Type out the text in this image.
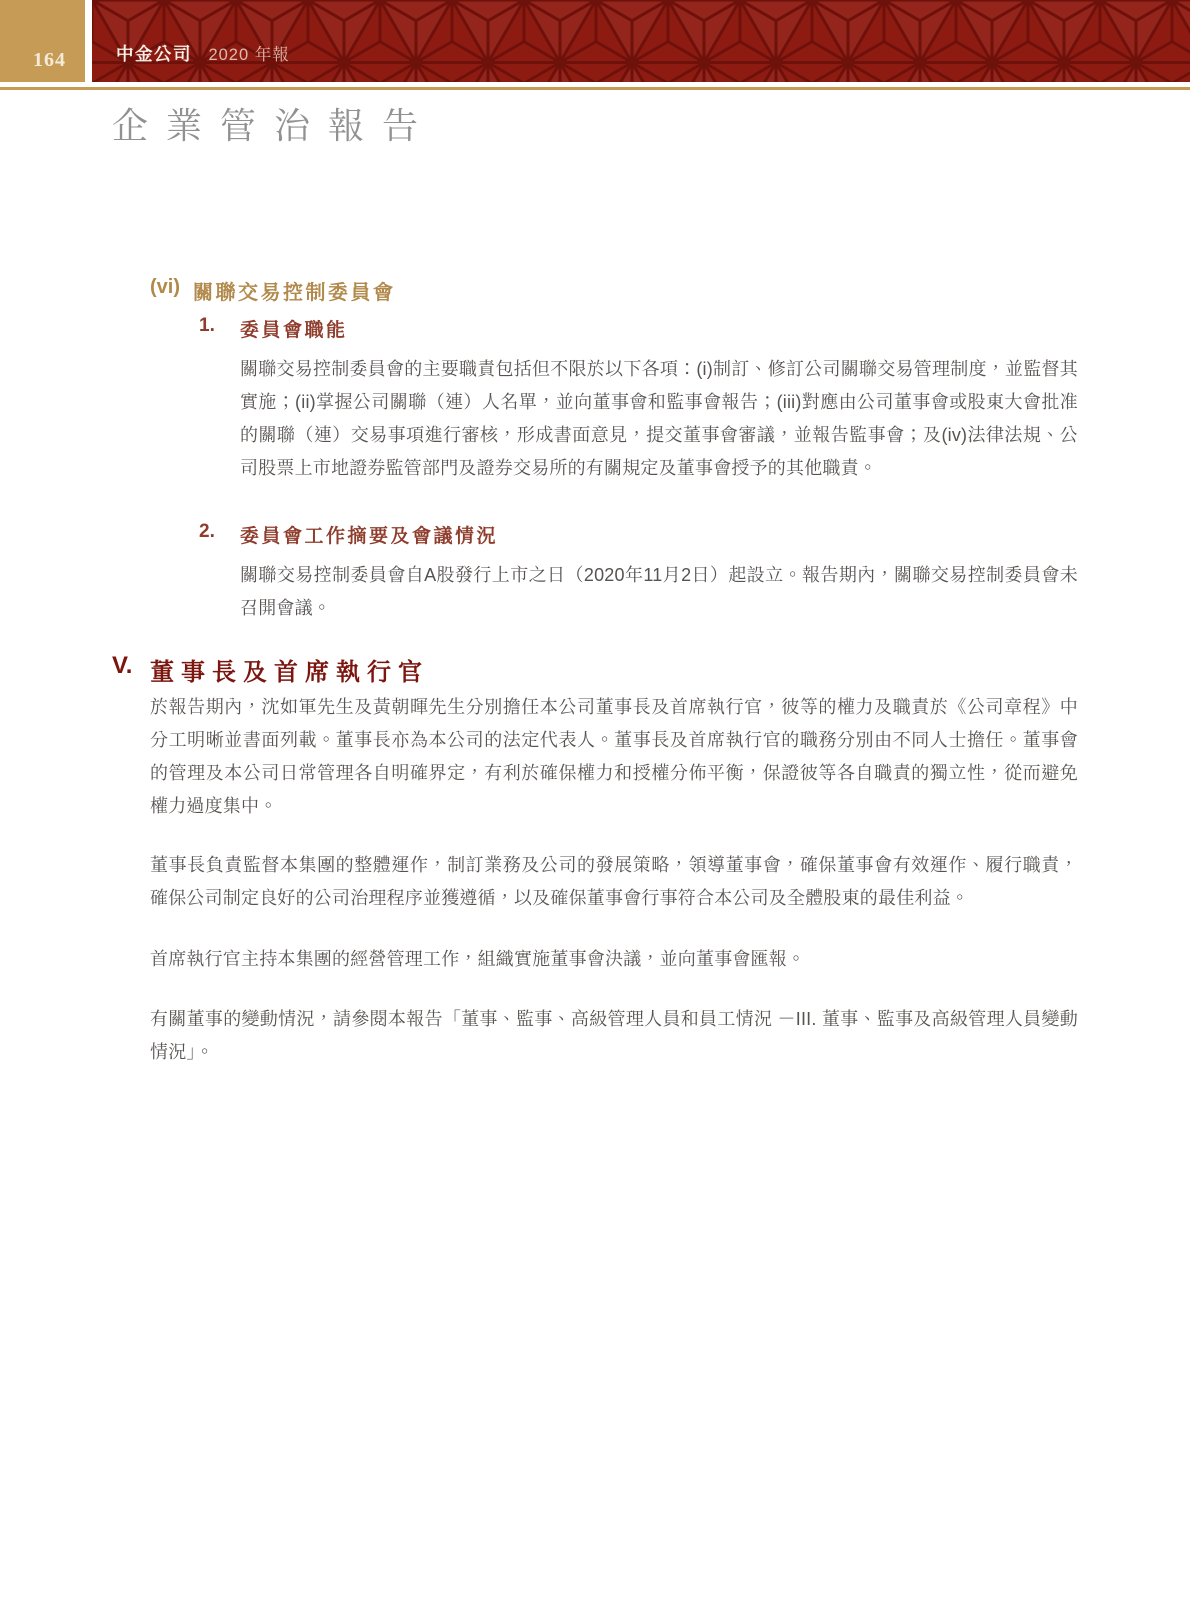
164	中金公司 2020 年報
企業管治報告
(vi) 關聯交易控制委員會
1.	委員會職能

關聯交易控制委員會的主要職責包括但不限於以下各項：(i)制訂、修訂公司關聯交易管理制度，並監督其實施；(ii)掌握公司關聯（連）人名單，並向董事會和監事會報告；(iii)對應由公司董事會或股東大會批准的關聯（連）交易事項進行審核，形成書面意見，提交董事會審議，並報告監事會；及(iv)法律法規、公司股票上市地證券監管部門及證券交易所的有關規定及董事會授予的其他職責。

2.	委員會工作摘要及會議情況

關聯交易控制委員會自A股發行上市之日（2020年11月2日）起設立。報告期內，關聯交易控制委員會未召開會議。

V. 董事長及首席執行官

於報告期內，沈如軍先生及黃朝暉先生分別擔任本公司董事長及首席執行官，彼等的權力及職責於《公司章程》中分工明晰並書面列載。董事長亦為本公司的法定代表人。董事長及首席執行官的職務分別由不同人士擔任。董事會的管理及本公司日常管理各自明確界定，有利於確保權力和授權分佈平衡，保證彼等各自職責的獨立性，從而避免權力過度集中。

董事長負責監督本集團的整體運作，制訂業務及公司的發展策略，領導董事會，確保董事會有效運作、履行職責，確保公司制定良好的公司治理程序並獲遵循，以及確保董事會行事符合本公司及全體股東的最佳利益。

首席執行官主持本集團的經營管理工作，組織實施董事會決議，並向董事會匯報。

有關董事的變動情況，請參閱本報告「董事、監事、高級管理人員和員工情況 －III. 董事、監事及高級管理人員變動情況」。
